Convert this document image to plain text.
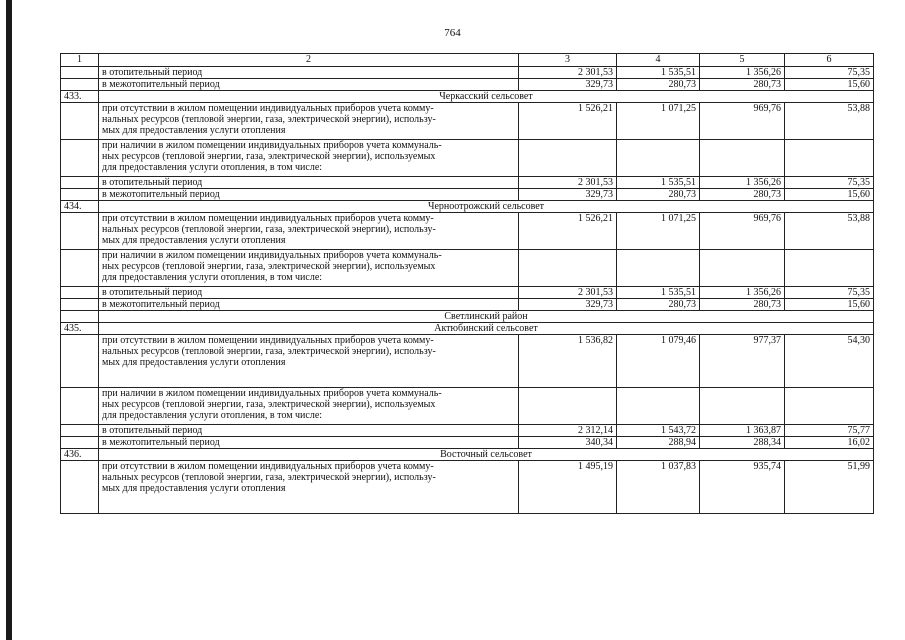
764
1	2	3	4	5	6
	в отопительный период	2 301,53	1 535,51	1 356,26	75,35
	в межотопительный период	329,73	280,73	280,73	15,60
433.	Черкасский сельсовет				
	при отсутствии в жилом помещении индивидуальных приборов учета комму-
нальных ресурсов (тепловой энергии, газа, электрической энергии), использу-
мых для предоставления услуги отопления	1 526,21	1 071,25	969,76	53,88
	при наличии в жилом помещении индивидуальных приборов учета коммуналь-
ных ресурсов (тепловой энергии, газа, электрической энергии), используемых
для предоставления услуги отопления, в том числе:				
	в отопительный период	2 301,53	1 535,51	1 356,26	75,35
	в межотопительный период	329,73	280,73	280,73	15,60
434.	Черноотрожский сельсовет				
	при отсутствии в жилом помещении индивидуальных приборов учета комму-
нальных ресурсов (тепловой энергии, газа, электрической энергии), использу-
мых для предоставления услуги отопления	1 526,21	1 071,25	969,76	53,88
	при наличии в жилом помещении индивидуальных приборов учета коммуналь-
ных ресурсов (тепловой энергии, газа, электрической энергии), используемых
для предоставления услуги отопления, в том числе:				
	в отопительный период	2 301,53	1 535,51	1 356,26	75,35
	в межотопительный период	329,73	280,73	280,73	15,60
	Светлинский район				
435.	Актюбинский сельсовет				
	при отсутствии в жилом помещении индивидуальных приборов учета комму-
нальных ресурсов (тепловой энергии, газа, электрической энергии), использу-
мых для предоставления услуги отопления	1 536,82	1 079,46	977,37	54,30
	при наличии в жилом помещении индивидуальных приборов учета коммуналь-
ных ресурсов (тепловой энергии, газа, электрической энергии), используемых
для предоставления услуги отопления, в том числе:				
	в отопительный период	2 312,14	1 543,72	1 363,87	75,77
	в межотопительный период	340,34	288,94	288,34	16,02
436.	Восточный сельсовет				
	при отсутствии в жилом помещении индивидуальных приборов учета комму-
нальных ресурсов (тепловой энергии, газа, электрической энергии), использу-
мых для предоставления услуги отопления	1 495,19	1 037,83	935,74	51,99
